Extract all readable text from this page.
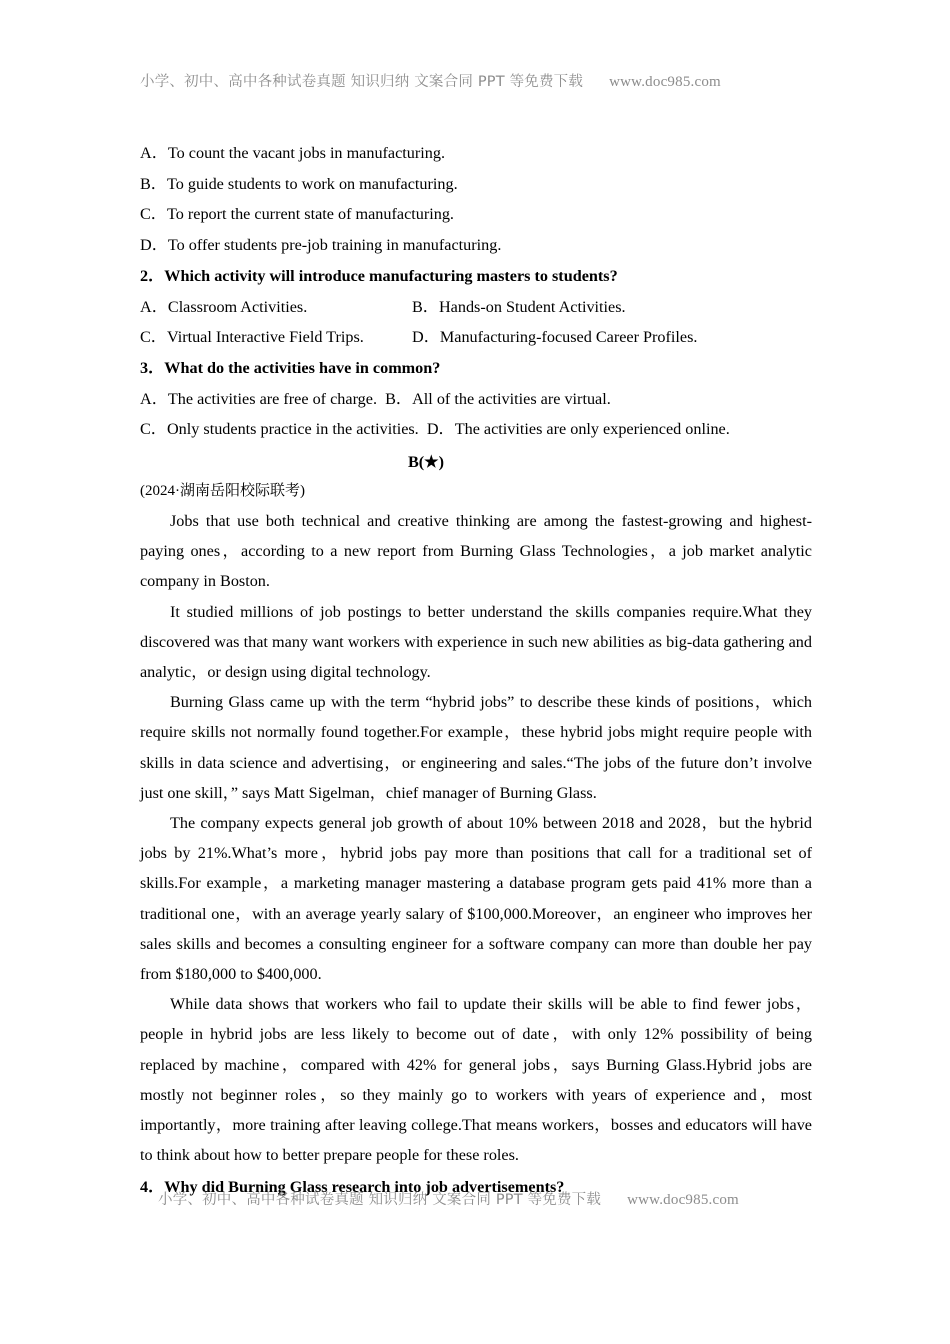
小学、初中、高中各种试卷真题 知识归纳 文案合同 PPT 等免费下载 www.doc985.com
A．To count the vacant jobs in manufacturing.
B．To guide students to work on manufacturing.
C．To report the current state of manufacturing.
D．To offer students pre-job training in manufacturing.
2．Which activity will introduce manufacturing masters to students?
A．Classroom Activities.	B．Hands-on Student Activities.
C．Virtual Interactive Field Trips.	D．Manufacturing-focused Career Profiles.
3．What do the activities have in common?
A．The activities are free of charge. B．All of the activities are virtual.
C．Only students practice in the activities. D．The activities are only experienced online.
B(★)
(2024·湖南岳阳校际联考)

Jobs that use both technical and creative thinking are among the fastest-growing and highest-paying ones，according to a new report from Burning Glass Technologies，a job market analytic company in Boston.

It studied millions of job postings to better understand the skills companies require.What they discovered was that many want workers with experience in such new abilities as big-data gathering and analytic，or design using digital technology.

Burning Glass came up with the term “hybrid jobs” to describe these kinds of positions，which require skills not normally found together.For example，these hybrid jobs might require people with skills in data science and advertising，or engineering and sales.“The jobs of the future don’t involve just one skill，” says Matt Sigelman，chief manager of Burning Glass.

The company expects general job growth of about 10% between 2018 and 2028，but the hybrid jobs by 21%.What’s more，hybrid jobs pay more than positions that call for a traditional set of skills.For example，a marketing manager mastering a database program gets paid 41% more than a traditional one，with an average yearly salary of $100,000.Moreover，an engineer who improves her sales skills and becomes a consulting engineer for a software company can more than double her pay from $180,000 to $400,000.

While data shows that workers who fail to update their skills will be able to find fewer jobs，people in hybrid jobs are less likely to become out of date，with only 12% possibility of being replaced by machine，compared with 42% for general jobs，says Burning Glass.Hybrid jobs are mostly not beginner roles，so they mainly go to workers with years of experience and，most importantly，more training after leaving college.That means workers，bosses and educators will have to think about how to better prepare people for these roles.

4．Why did Burning Glass research into job advertisements?
小学、初中、高中各种试卷真题 知识归纳 文案合同 PPT 等免费下载 www.doc985.com
